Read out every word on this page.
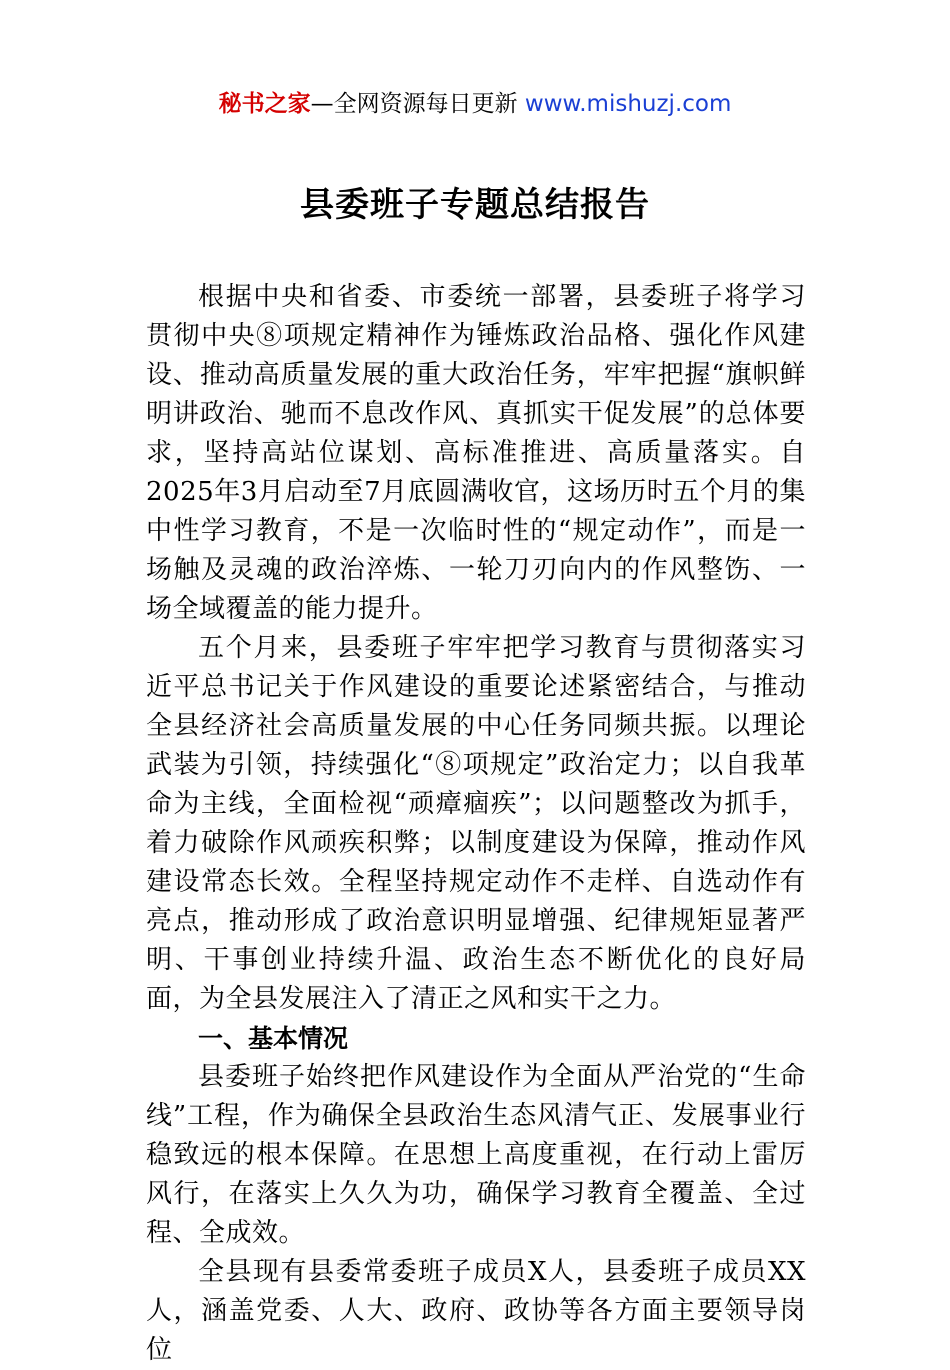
秘书之家—全网资源每日更新 www.mishuzj.com
县委班子专题总结报告

根据中央和省委、市委统一部署，县委班子将学习贯彻中央⑧项规定精神作为锤炼政治品格、强化作风建设、推动高质量发展的重大政治任务，牢牢把握“旗帜鲜明讲政治、驰而不息改作风、真抓实干促发展”的总体要求，坚持高站位谋划、高标准推进、高质量落实。自2025年3月启动至7月底圆满收官，这场历时五个月的集中性学习教育，不是一次临时性的“规定动作”，而是一场触及灵魂的政治淬炼、一轮刀刃向内的作风整饬、一场全域覆盖的能力提升。

五个月来，县委班子牢牢把学习教育与贯彻落实习近平总书记关于作风建设的重要论述紧密结合，与推动全县经济社会高质量发展的中心任务同频共振。以理论武装为引领，持续强化“⑧项规定”政治定力；以自我革命为主线，全面检视“顽瘴痼疾”；以问题整改为抓手，着力破除作风顽疾积弊；以制度建设为保障，推动作风建设常态长效。全程坚持规定动作不走样、自选动作有亮点，推动形成了政治意识明显增强、纪律规矩显著严明、干事创业持续升温、政治生态不断优化的良好局面，为全县发展注入了清正之风和实干之力。

一、基本情况

县委班子始终把作风建设作为全面从严治党的“生命线”工程，作为确保全县政治生态风清气正、发展事业行稳致远的根本保障。在思想上高度重视，在行动上雷厉风行，在落实上久久为功，确保学习教育全覆盖、全过程、全成效。

全县现有县委常委班子成员X人，县委班子成员XX人，涵盖党委、人大、政府、政协等各方面主要领导岗位
